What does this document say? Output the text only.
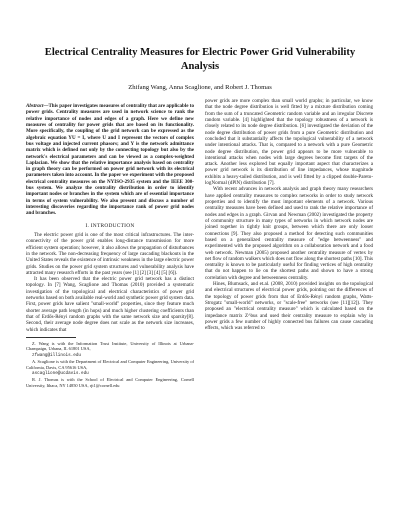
Electrical Centrality Measures for Electric Power Grid Vulnerability Analysis
Zhifang Wang, Anna Scaglione, and Robert J. Thomas

Abstract—This paper investigates measures of centrality that are applicable to power grids. Centrality measures are used in network science to rank the relative importance of nodes and edges of a graph. Here we define new measures of centrality for power grids that are based on its functionality. More specifically, the coupling of the grid network can be expressed as the algebraic equation YU = I, where U and I represent the vectors of complex bus voltage and injected current phasors; and Y is the network admittance matrix which is defined not only by the connecting topology but also by the network's electrical parameters and can be viewed as a complex-weighted Laplacian. We show that the relative importance analysis based on centrality in graph theory can be performed on power grid network with its electrical parameters taken into account. In the paper we experiment with the proposed electrical centrality measures on the NYISO-2935 system and the IEEE 300-bus system. We analyze the centrality distribution in order to identify important nodes or branches in the system which are of essential importance in terms of system vulnerability. We also present and discuss a number of interesting discoveries regarding the importance rank of power grid nodes and branches.

I. INTRODUCTION

The electric power grid is one of the most critical infrastructures. The inter-connectivity of the power grid enables long-distance transmission for more efficient system operation; however, it also allows the propagation of disturbances in the network. The non-decreasing frequency of large cascading blackouts in the United States reveals the existence of intrinsic weakness in the large electric power grids. Studies on the power grid system structures and vulnerability analysis have attracted many research efforts in the past years (see [1] [2] [3] [4] [5] [6]).

It has been observed that the electric power grid network has a distinct topology. In [7] Wang, Scaglione and Thomas (2010) provided a systematic investigation of the topological and electrical characteristics of power grid networks based on both available real-world and synthetic power grid system data. First, power grids have salient "small-world" properties, since they feature much shorter average path length (in hops) and much higher clustering coefficients than that of Erdős-Rényi random graphs with the same network size and sparsity[8]. Second, their average node degree does not scale as the network size increases, which indicates that

Z. Wang is with the Information Trust Institute, University of Illinois at Urbana-Champaign, Urbana, IL 61801 USA,

zfwang@illinois.edu

A. Scaglione is with the Department of Electrical and Computer Engineering, University of California, Davis, CA 95616 USA,

ascaglione@ucdavis.edu

R. J. Thomas is with the School of Electrical and Computer Engineering, Cornell University, Ithaca, NY 14850 USA, rjt1@cornell.edu

power grids are more complex than small world graphs; in particular, we know that the node degree distribution is well fitted by a mixture distribution coming from the sum of a truncated Geometric random variable and an irregular Discrete random variable. [4] highlighted that the topology robustness of a network is closely related to its node degree distribution. [6] investigated the deviation of the node degree distribution of power grids from a pure Geometric distribution and concluded that it substantially affects the topological vulnerability of a network under intentional attacks. That is, compared to a network with a pure Geometric node degree distribution, the power grid appears to be more vulnerable to intentional attacks when nodes with large degrees become first targets of the attack. Another less explored but equally important aspect that characterizes a power grid network is its distribution of line impedances, whose magnitude exhibits a heavy-tailed distribution, and is well fitted by a clipped double-Pareto-logNormal (dPlN) distribution [7].

With recent advances in network analysis and graph theory many researchers have applied centrality measures to complex networks in order to study network properties and to identify the most important elements of a network. Various centrality measures have been defined and used to rank the relative importance of nodes and edges in a graph. Girvan and Newman (2002) investigated the property of community structure in many types of networks in which network nodes are joined together in tightly knit groups, between which there are only looser connections [9]. They also proposed a method for detecting such communities based on a generalized centrality measure of "edge betweenness" and experimented with the proposed algorithm on a collaboration network and a food web network. Newman (2005) proposed another centrality measure of vertex by net flow of random walkers which does not flow along the shortest paths [10]. This centrality is known to be particularly useful for finding vertices of high centrality that do not happen to lie on the shortest paths and shown to have a strong correlation with degree and betweenness centrality.

Hines, Blumsack, and et.al. (2008, 2010) provided insights on the topological and electrical structures of electrical power grids, pointing out the differences of the topology of power grids from that of Erdős-Rényi random graphs, Watts-Strogatz "small-world" networks, or "scale-free" networks (see [11][12]). They proposed an "electrical centrality measure" which is calculated based on the impedance matrix Z^bus and used their centrality measure to explain why in power grids a few number of highly connected bus failures can cause cascading effects, which was referred to
